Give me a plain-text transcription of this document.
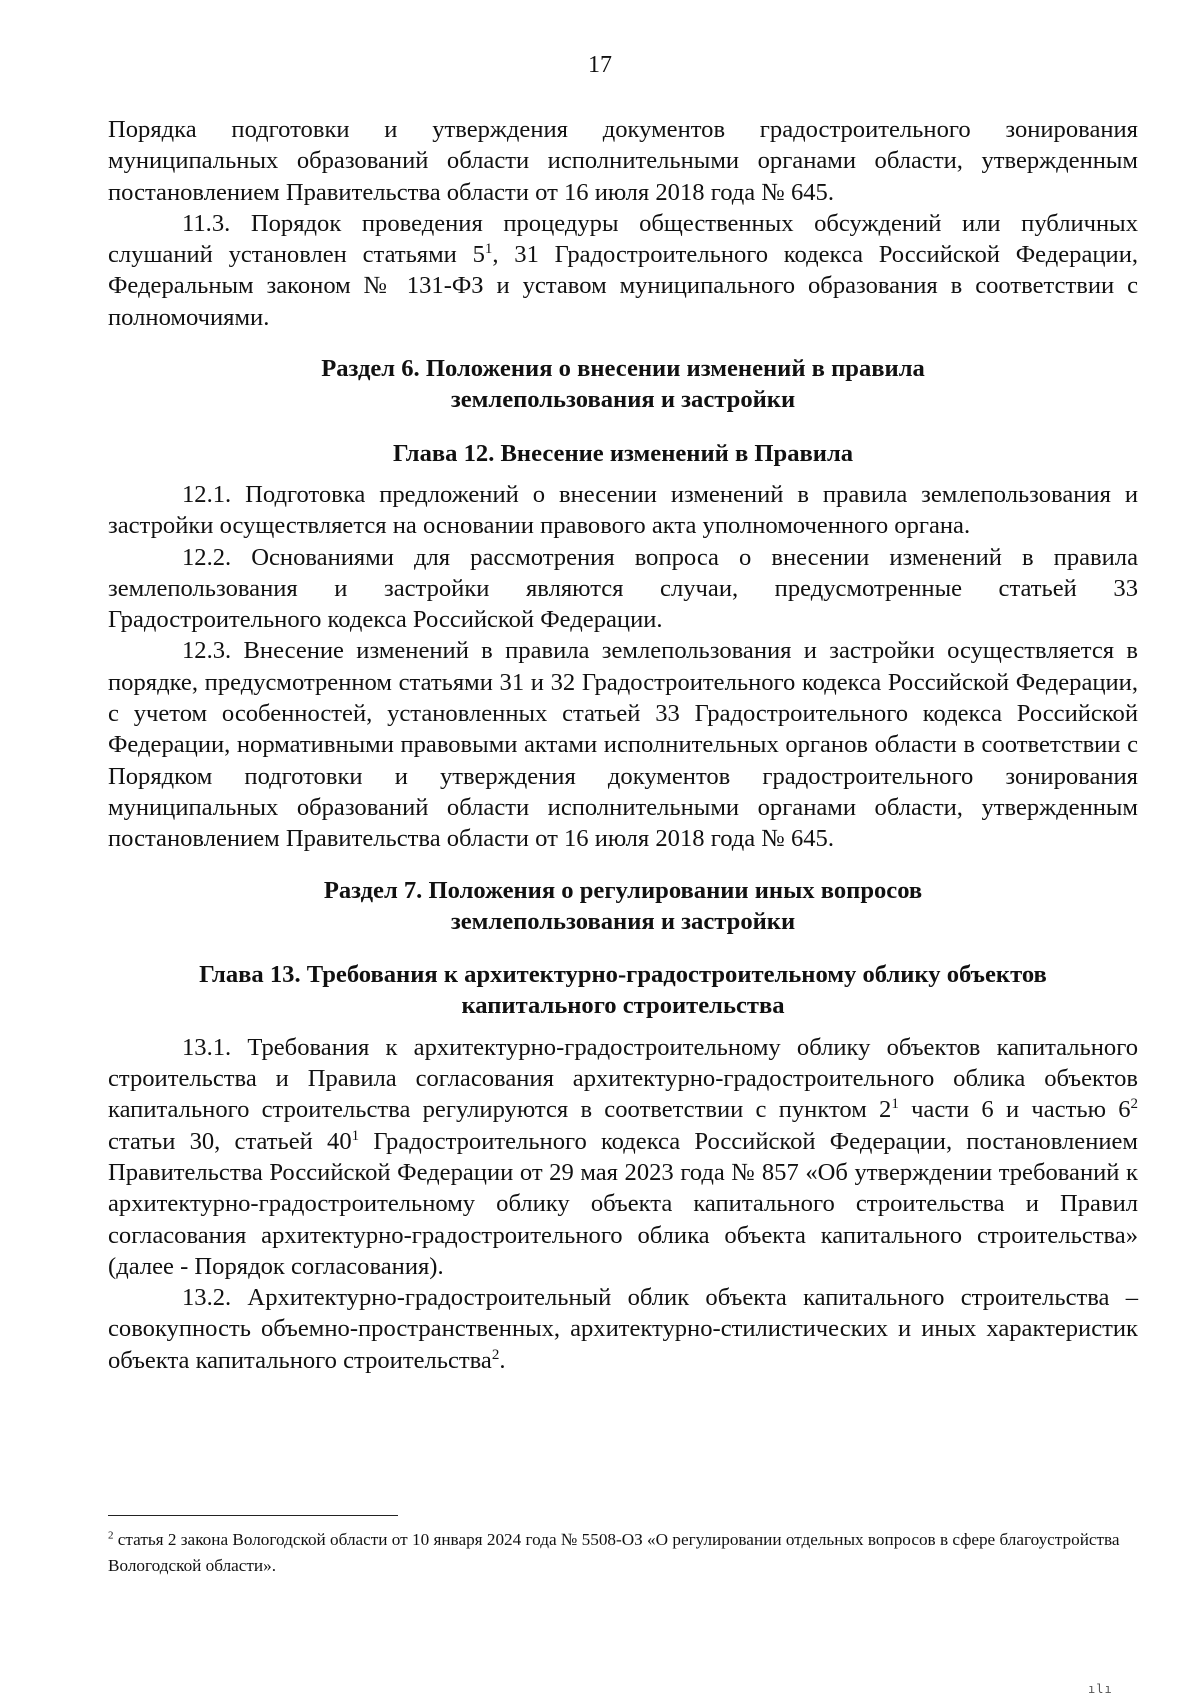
17

Порядка подготовки и утверждения документов градостроительного зонирования муниципальных образований области исполнительными органами области, утвержденным постановлением Правительства области от 16 июля 2018 года № 645.

11.3. Порядок проведения процедуры общественных обсуждений или публичных слушаний установлен статьями $5^1$, 31 Градостроительного кодекса Российской Федерации, Федеральным законом № 131-ФЗ и уставом муниципального образования в соответствии с полномочиями.

Раздел 6. Положения о внесении изменений в правила
землепользования и застройки
Глава 12. Внесение изменений в Правила

12.1. Подготовка предложений о внесении изменений в правила землепользования и застройки осуществляется на основании правового акта уполномоченного органа.

12.2. Основаниями для рассмотрения вопроса о внесении изменений в правила землепользования и застройки являются случаи, предусмотренные статьей 33 Градостроительного кодекса Российской Федерации.

12.3. Внесение изменений в правила землепользования и застройки осуществляется в порядке, предусмотренном статьями 31 и 32 Градостроительного кодекса Российской Федерации, с учетом особенностей, установленных статьей 33 Градостроительного кодекса Российской Федерации, нормативными правовыми актами исполнительных органов области в соответствии с Порядком подготовки и утверждения документов градостроительного зонирования муниципальных образований области исполнительными органами области, утвержденным постановлением Правительства области от 16 июля 2018 года № 645.

Раздел 7. Положения о регулировании иных вопросов
землепользования и застройки
Глава 13. Требования к архитектурно-градостроительному облику объектов
капитального строительства

13.1. Требования к архитектурно-градостроительному облику объектов капитального строительства и Правила согласования архитектурно-градостроительного облика объектов капитального строительства регулируются в соответствии с пунктом $2^1$ части 6 и частью $6^2$ статьи 30, статьей $40^1$ Градостроительного кодекса Российской Федерации, постановлением Правительства Российской Федерации от 29 мая 2023 года № 857 «Об утверждении требований к архитектурно-градостроительному облику объекта капитального строительства и Правил согласования архитектурно-градостроительного облика объекта капитального строительства» (далее - Порядок согласования).

13.2. Архитектурно-градостроительный облик объекта капитального строительства – совокупность объемно-пространственных, архитектурно-стилистических и иных характеристик объекта капитального строительства$^2$.

$^2$ статья 2 закона Вологодской области от 10 января 2024 года № 5508-ОЗ «О регулировании отдельных вопросов в сфере благоустройства Вологодской области».

ılı
